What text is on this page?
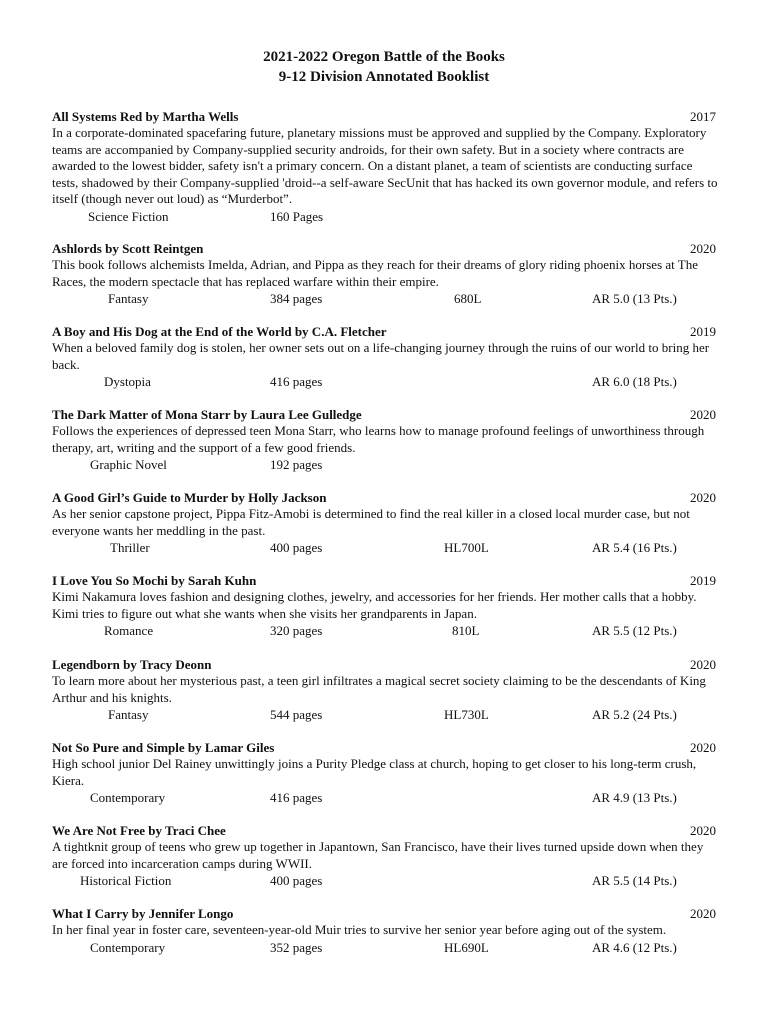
2021-2022 Oregon Battle of the Books
9-12 Division Annotated Booklist
All Systems Red by Martha Wells	2017

In a corporate-dominated spacefaring future, planetary missions must be approved and supplied by the Company. Exploratory teams are accompanied by Company-supplied security androids, for their own safety. But in a society where contracts are awarded to the lowest bidder, safety isn't a primary concern. On a distant planet, a team of scientists are conducting surface tests, shadowed by their Company-supplied 'droid--a self-aware SecUnit that has hacked its own governor module, and refers to itself (though never out loud) as “Murderbot”.

Science Fiction	160 Pages
Ashlords by Scott Reintgen	2020

This book follows alchemists Imelda, Adrian, and Pippa as they reach for their dreams of glory riding phoenix horses at The Races, the modern spectacle that has replaced warfare within their empire.

Fantasy	384 pages	680L	AR 5.0 (13 Pts.)
A Boy and His Dog at the End of the World by C.A. Fletcher	2019

When a beloved family dog is stolen, her owner sets out on a life-changing journey through the ruins of our world to bring her back.

Dystopia	416 pages	AR 6.0 (18 Pts.)
The Dark Matter of Mona Starr by Laura Lee Gulledge	2020

Follows the experiences of depressed teen Mona Starr, who learns how to manage profound feelings of unworthiness through therapy, art, writing and the support of a few good friends.

Graphic Novel	192 pages
A Good Girl’s Guide to Murder by Holly Jackson	2020

As her senior capstone project, Pippa Fitz-Amobi is determined to find the real killer in a closed local murder case, but not everyone wants her meddling in the past.

Thriller	400 pages	HL700L	AR 5.4 (16 Pts.)
I Love You So Mochi by Sarah Kuhn	2019

Kimi Nakamura loves fashion and designing clothes, jewelry, and accessories for her friends. Her mother calls that a hobby. Kimi tries to figure out what she wants when she visits her grandparents in Japan.

Romance	320 pages	810L	AR 5.5 (12 Pts.)
Legendborn by Tracy Deonn	2020

To learn more about her mysterious past, a teen girl infiltrates a magical secret society claiming to be the descendants of King Arthur and his knights.

Fantasy	544 pages	HL730L	AR 5.2 (24 Pts.)
Not So Pure and Simple by Lamar Giles	2020

High school junior Del Rainey unwittingly joins a Purity Pledge class at church, hoping to get closer to his long-term crush, Kiera.

Contemporary	416 pages	AR 4.9 (13 Pts.)
We Are Not Free by Traci Chee	2020

A tightknit group of teens who grew up together in Japantown, San Francisco, have their lives turned upside down when they are forced into incarceration camps during WWII.

Historical Fiction	400 pages	AR 5.5 (14 Pts.)
What I Carry by Jennifer Longo	2020

In her final year in foster care, seventeen-year-old Muir tries to survive her senior year before aging out of the system.

Contemporary	352 pages	HL690L	AR 4.6 (12 Pts.)
